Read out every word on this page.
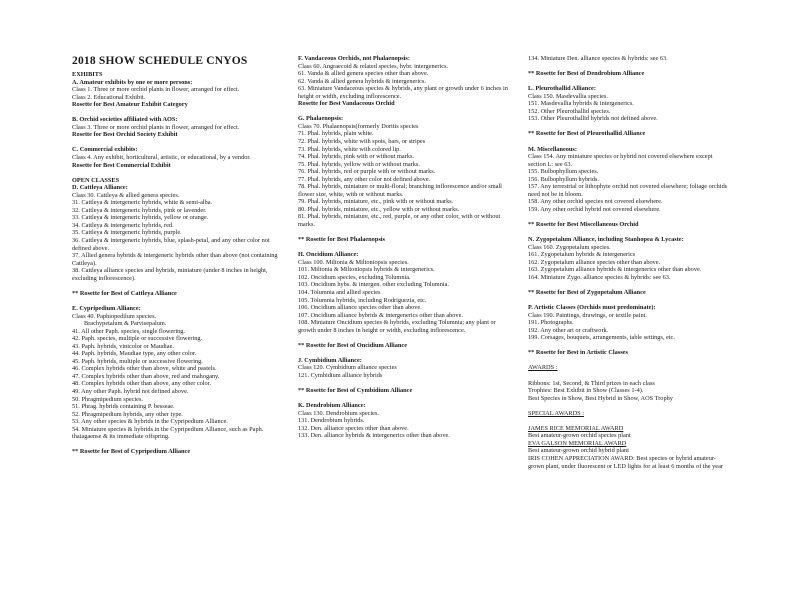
2018 SHOW SCHEDULE CNYOS

EXHIBITS

A. Amateur exhibits by one or more persons:

Class 1. Three or more orchid plants in flower, arranged for effect.

Class 2. Educational Exhibit.

Rosette for Best Amateur Exhibit Category

B. Orchid societies affiliated with AOS:

Class 3. Three or more orchid plants in flower, arranged for effect.

Rosette for Best Orchid Society Exhibit

C. Commercial exhibits:

Class 4. Any exhibit, horticultural, artistic, or educational, by a vendor.

Rosette for Best Commercial Exhibit

OPEN CLASSES

D. Cattleya Alliance:

Class 30. Cattleya & allied genera species.

31. Cattleya & intergeneric hybrids, white & semi-alba.

32. Cattleya & intergeneric hybrids, pink or lavender.

33. Cattleya & intergeneric hybrids, yellow or orange.

34. Cattleya & intergeneric hybrids, red.

35. Cattleya & intergeneric hybrids, purple.

36. Cattleya & intergeneric hybrids, blue, splash-petal, and any other color not defined above.

37. Allied genera hybrids & intergeneric hybrids other than above (not containing Cattleya).

38. Cattleya alliance species and hybrids, miniature (under 8 inches in height, excluding inflorescence).

** Rosette for Best of Cattleya Alliance

E. Cypripedium Alliance:

Class 40. Paphiopedilum species.

Brachypetalum & Parvisepalum.

41. All other Paph. species, single flowering.

42. Paph. species, multiple or successive flowering.

43. Paph. hybrids, vinicolor or Maudiae.

44. Paph. hybrids, Maudiae type, any other color.

45. Paph. hybrids, multiple or successive flowering.

46. Complex hybrids other than above, white and pastels.

47. Complex hybrids other than above, red and mahogany.

48. Complex hybrids other than above, any other color.

49. Any other Paph. hybrid not defined above.

50. Phragmipedium species.

51. Phrag. hybrids containing P. besseae.

52. Phragmipedium hybrids, any other type.

53. Any other species & hybrids in the Cypripedium Alliance.

54. Miniature species & hybrids in the Cypripedium Alliance, such as Paph. thaiagaense & its immediate offspring.

** Rosette for Best of Cypripedium Alliance

F. Vandaceous Orchids, not Phalaenopsis:

Class 60. Angraecoid & related species, hybr. intergenerics.

61. Vanda & allied genera species other than above.

62. Vanda & allied genera hybrids & intergenerics.

63. Miniature Vandaceous species & hybrids, any plant or growth under 6 inches in height or width, excluding inflorescence.

Rosette for Best Vandaceous Orchid

G. Phalaenopsis:

Class 70. Phalaenopsis(formerly Doritis species

71. Phal. hybrids, plain white.

72. Phal. hybrids, white with spots, bars, or stripes

73. Phal. hybrids, white with colored lip.

74. Phal. hybrids, pink with or without marks.

75. Phal. hybrids, yellow with or without marks.

76. Phal. hybrids, red or purple with or without marks.

77. Phal. hybrids, any other color not defined above.

78. Phal. hybrids, miniature or multi-floral; branching inflorescence and/or small flower size, white, with or without marks.

79. Phal. hybrids, miniature, etc., pink with or without marks.

80. Phal. hybrids, miniature, etc., yellow with or without marks.

81. Phal. hybrids, miniature, etc., red, purple, or any other color, with or without marks.

** Rosette for Best Phalaenopsis

H. Oncidium Alliance:

Class 100. Miltonia & Miltoniopsis species.

101. Miltonia & Miltoniopsis hybrids & intergenerics.

102. Oncidium species, excluding Tolumnia.

103. Oncidium hybs. & intergen. other excluding Tolumnia.

104. Tolumnia and allied species

105. Tolumnia hybrids, including Rodriguezia, etc.

106. Oncidium alliance species other than above.

107. Oncidium alliance hybrids & intergenerics other than above.

108. Miniature Oncidium species & hybrids, excluding Tolumnia; any plant or growth under 8 inches in height or width, excluding inflorescence.

** Rosette for Best of Oncidium Alliance

J. Cymbidium Alliance:

Class 120. Cymbidium alliance species

121. Cymbidium alliance hybrids

** Rosette for Best of Cymbidium Alliance

K. Dendrobium Alliance:

Class 130. Dendrobium species.

131. Dendrobium hybrids.

132. Den. alliance species other than above.

133. Den. alliance hybrids & intergenerics other than above.

134. Miniature Den. alliance species & hybrids: see 63.

** Rosette for Best of Dendrobium Alliance

L. Pleurothallid Alliance:

Class 150. Masdevallia species.

151. Masdevallia hybrids & intergenerics.

152. Other Pleurothallid species.

153. Other Pleurothallid hybrids not defined above.

** Rosette for Best of Pleurothallid Alliance

M. Miscellaneous:

Class 154. Any miniature species or hybrid not covered elsewhere except section L: see 63.

155. Bulbophyllum species.

156. Bulbophyllum hybrids.

157. Any terrestrial or lithophyte orchid not covered elsewhere; foliage orchids need not be in bloom.

158. Any other orchid species not covered elsewhere.

159. Any other orchid hybrid not covered elsewhere.

** Rosette for Best Miscellaneous Orchid

N. Zygopetalum Alliance, including Stanhopea & Lycaste:

Class 160. Zygopetalum species.

161. Zygopetalum hybrids & intergenerics

162. Zygopetalum alliance species other than above.

163. Zygopetalum alliance hybrids & intergenerics other than above.

164. Miniature Zygo. alliance species & hybrids: see 63.

** Rosette for Best of Zygopetalum Alliance

P. Artistic Classes (Orchids must predominate):

Class 190. Paintings, drawings, or textile paint.

191. Photographs.

192. Any other art or craftwork.

199. Corsages, bouquets, arrangements, table settings, etc.

** Rosette for Best in Artistic Classes

AWARDS :

Ribbons: 1st, Second, & Third prizes in each class

Trophies: Best Exhibit in Show (Classes 1-4).

Best Species in Show, Best Hybrid in Show, AOS Trophy

SPECIAL AWARDS :

JAMES RICE MEMORIAL AWARD

Best amateur-grown orchid species plant

EVA GALSON MEMORIAL AWARD

Best amateur-grown orchid hybrid plant

IRIS COHEN APPRECIATION AWARD: Best species or hybrid amateur-grown plant, under fluorescent or LED lights for at least 6 months of the year
